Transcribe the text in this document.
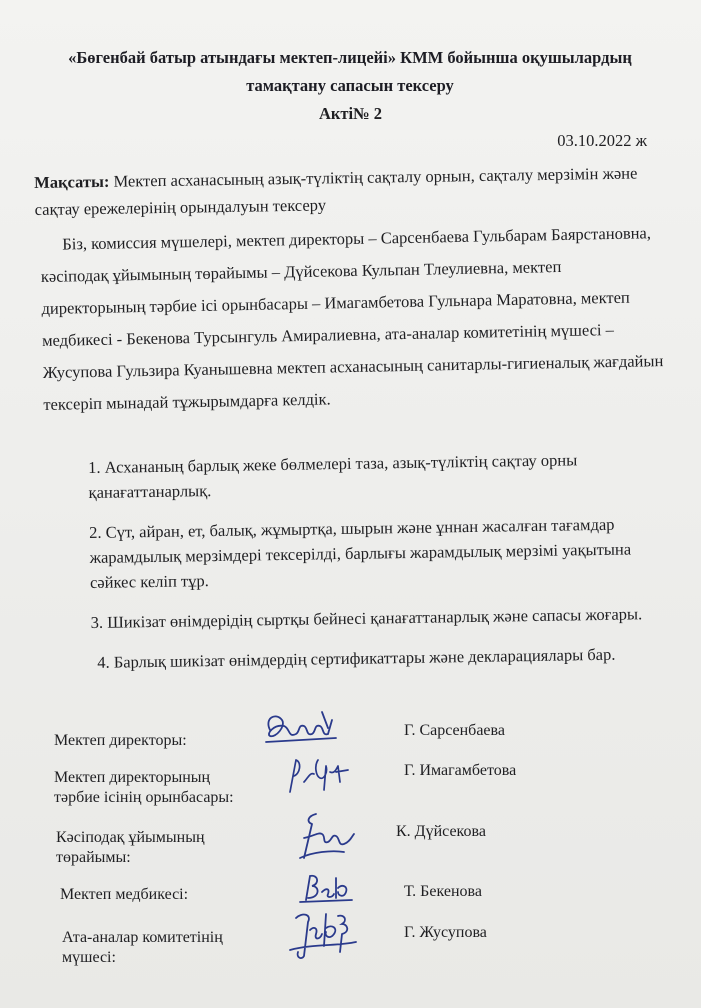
«Бөгенбай батыр атындағы мектеп-лицейі» КММ бойынша оқушылардың
тамақтану сапасын тексеру
Акті№ 2
03.10.2022 ж
Мақсаты: Мектеп асханасының азық-түліктің сақталу орнын, сақталу мерзімін және сақтау ережелерінің орындалуын тексеру

Біз, комиссия мүшелері, мектеп директоры – Сарсенбаева Гульбарам Баярстановна, кәсіподақ ұйымының төрайымы – Дүйсекова Кульпан Тлеулиевна, мектеп директорының тәрбие ісі орынбасары – Имагамбетова Гульнара Маратовна, мектеп медбикесі - Бекенова Турсынгуль Амиралиевна, ата-аналар комитетінің мүшесі – Жусупова Гульзира Куанышевна мектеп асханасының санитарлы-гигиеналық жағдайын тексеріп мынадай тұжырымдарға келдік.

1. Асхананың барлық жеке бөлмелері таза, азық-түліктің сақтау орны қанағаттанарлық.
2. Сүт, айран, ет, балық, жұмыртқа, шырын және ұннан жасалған тағамдар жарамдылық мерзімдері тексерілді, барлығы жарамдылық мерзімі уақытына сәйкес келіп тұр.
3. Шикізат өнімдерідің сыртқы бейнесі қанағаттанарлық және сапасы жоғары.
4. Барлық шикізат өнімдердің сертификаттары және декларациялары бар.
Мектеп директоры:
Г. Сарсенбаева
Мектеп директорының
тәрбие ісінің орынбасары:
Г. Имагамбетова
Кәсіподақ ұйымының
төрайымы:
К. Дүйсекова
Мектеп медбикесі:	Т. Бекенова
Ата-аналар комитетінің
мүшесі:
Г. Жусупова
